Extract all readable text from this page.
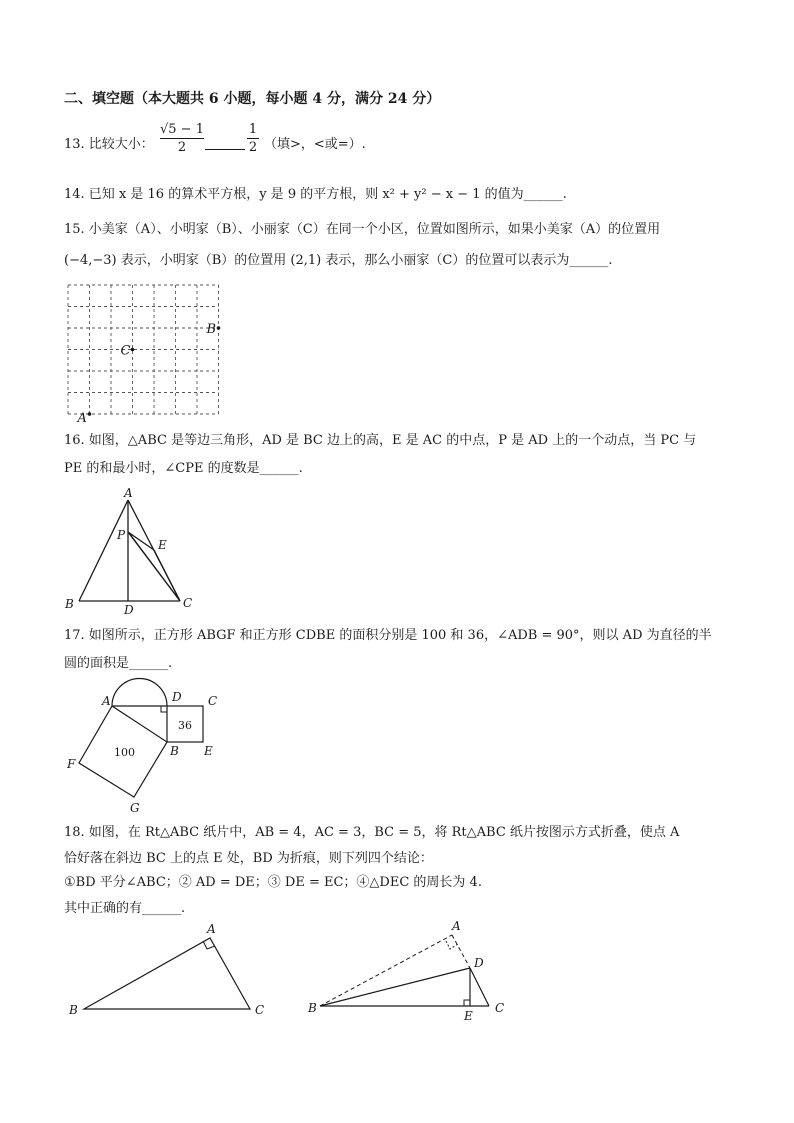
二、填空题（本大题共 6 小题，每小题 4 分，满分 24 分）
13. 比较大小：
√5 − 1
2
1
2 （填>，<或=）.
14. 已知 x 是 16 的算术平方根，y 是 9 的平方根，则 x² + y² − x − 1 的值为______.
15. 小美家（A）、小明家（B）、小丽家（C）在同一个小区，位置如图所示，如果小美家（A）的位置用
(−4,−3) 表示，小明家（B）的位置用 (2,1) 表示，那么小丽家（C）的位置可以表示为______.
A
B
C
16. 如图，△ABC 是等边三角形，AD 是 BC 边上的高，E 是 AC 的中点，P 是 AD 上的一个动点，当 PC 与
PE 的和最小时，∠CPE 的度数是______.
A
P
E
B	D	C
17. 如图所示，正方形 ABGF 和正方形 CDBE 的面积分别是 100 和 36，∠ADB = 90°，则以 AD 为直径的半
圆的面积是______.
36
100
A	D C
B E
F
G
18. 如图，在 Rt△ABC 纸片中，AB = 4，AC = 3，BC = 5，将 Rt△ABC 纸片按图示方式折叠，使点 A
恰好落在斜边 BC 上的点 E 处，BD 为折痕，则下列四个结论：
①BD 平分∠ABC；② AD = DE；③ DE = EC；④△DEC 的周长为 4.
其中正确的有______.
A
B	C
A
D
B
E
C
